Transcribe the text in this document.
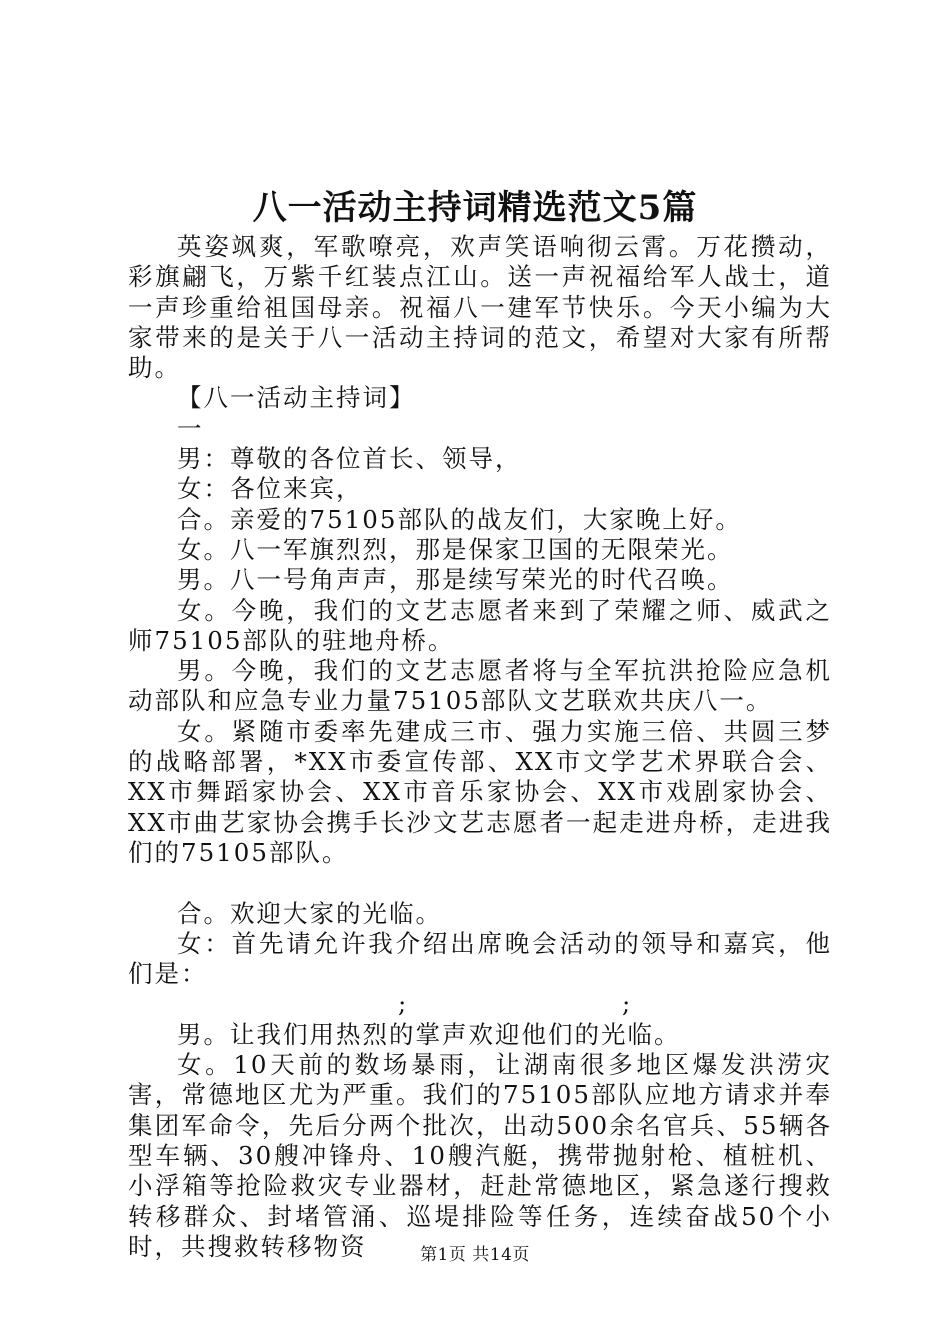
八一活动主持词精选范文5篇

英姿飒爽，军歌嘹亮，欢声笑语响彻云霄。万花攒动，彩旗翩飞，万紫千红装点江山。送一声祝福给军人战士，道一声珍重给祖国母亲。祝福八一建军节快乐。今天小编为大家带来的是关于八一活动主持词的范文，希望对大家有所帮助。

【八一活动主持词】

一

男：尊敬的各位首长、领导，

女：各位来宾，

合。亲爱的75105部队的战友们，大家晚上好。

女。八一军旗烈烈，那是保家卫国的无限荣光。

男。八一号角声声，那是续写荣光的时代召唤。

女。今晚，我们的文艺志愿者来到了荣耀之师、威武之师75105部队的驻地舟桥。

男。今晚，我们的文艺志愿者将与全军抗洪抢险应急机动部队和应急专业力量75105部队文艺联欢共庆八一。

女。紧随市委率先建成三市、强力实施三倍、共圆三梦的战略部署，*XX市委宣传部、XX市文学艺术界联合会、XX市舞蹈家协会、XX市音乐家协会、XX市戏剧家协会、XX市曲艺家协会携手长沙文艺志愿者一起走进舟桥，走进我们的75105部队。

合。欢迎大家的光临。

女：首先请允许我介绍出席晚会活动的领导和嘉宾，他们是：

;	;

男。让我们用热烈的掌声欢迎他们的光临。

女。10天前的数场暴雨，让湖南很多地区爆发洪涝灾害，常德地区尤为严重。我们的75105部队应地方请求并奉集团军命令，先后分两个批次，出动500余名官兵、55辆各型车辆、30艘冲锋舟、10艘汽艇，携带抛射枪、植桩机、小浮箱等抢险救灾专业器材，赶赴常德地区，紧急遂行搜救转移群众、封堵管涌、巡堤排险等任务，连续奋战50个小时，共搜救转移物资	第1页 共14页
